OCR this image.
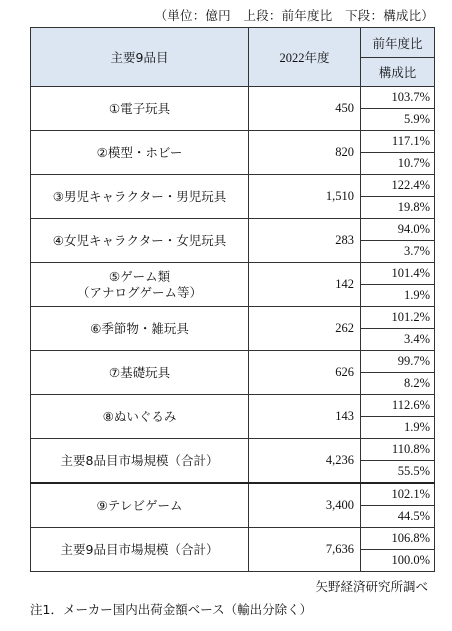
（単位：億円　上段：前年度比　下段：構成比）
主要9品目	2022年度	前年度比
		構成比
①電子玩具	450	103.7%
		5.9%
②模型・ホビー	820	117.1%
		10.7%
③男児キャラクター・男児玩具	1,510	122.4%
		19.8%
④女児キャラクター・女児玩具	283	94.0%
		3.7%

⑤ゲーム類
（アナログゲーム等）	142	101.4%
		1.9%
⑥季節物・雑玩具	262	101.2%
		3.4%
⑦基礎玩具	626	99.7%
		8.2%
⑧ぬいぐるみ	143	112.6%
		1.9%
主要8品目市場規模（合計）	4,236	110.8%
		55.5%
⑨テレビゲーム	3,400	102.1%
		44.5%
主要9品目市場規模（合計）	7,636	106.8%
		100.0%
矢野経済研究所調べ
注1．メーカー国内出荷金額ベース（輸出分除く）
